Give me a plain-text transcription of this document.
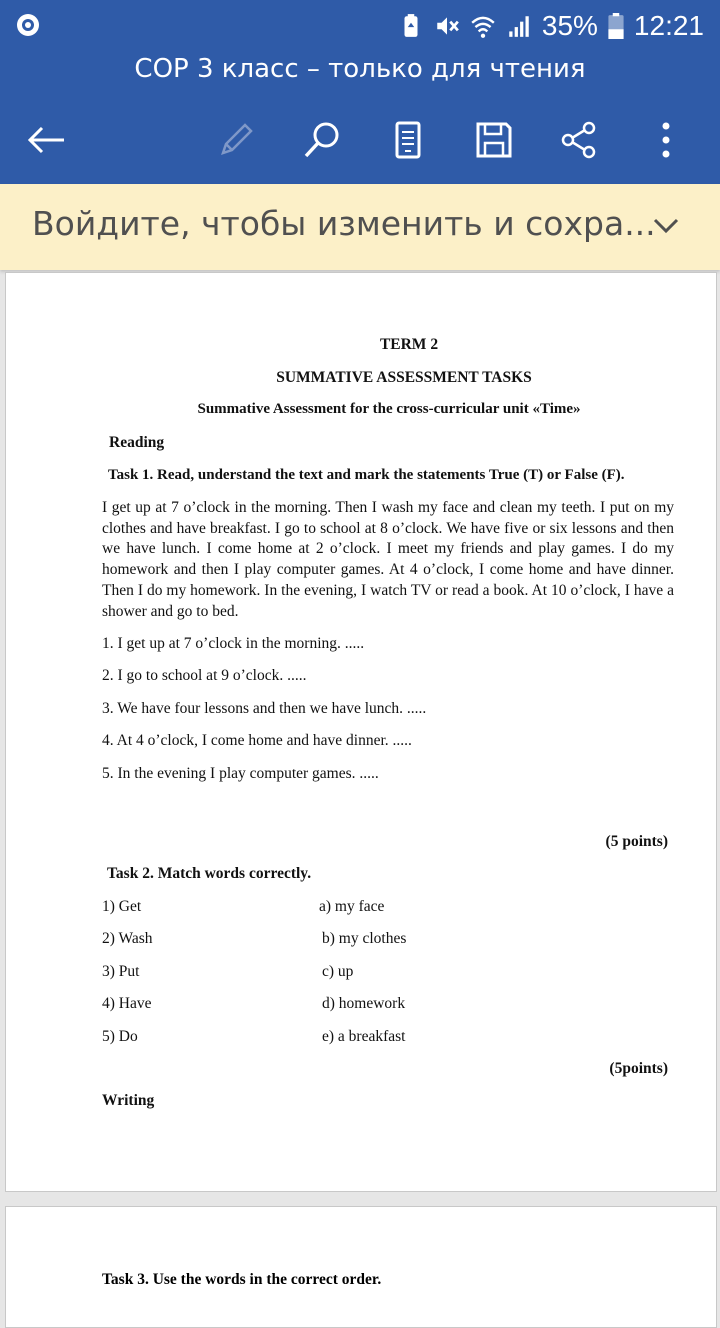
35% 12:21
СОР 3 класс – только для чтения
Войдите, чтобы изменить и сохра...
TERM 2
SUMMATIVE ASSESSMENT TASKS
Summative Assessment for the cross-curricular unit «Time»
Reading
Task 1. Read, understand the text and mark the statements True (T) or False (F).
I get up at 7 o’clock in the morning. Then I wash my face and clean my teeth. I put on my clothes and have breakfast. I go to school at 8 o’clock. We have five or six lessons and then we have lunch. I come home at 2 o’clock. I meet my friends and play games. I do my homework and then I play computer games. At 4 o’clock, I come home and have dinner. Then I do my homework. In the evening, I watch TV or read a book. At 10 o’clock, I have a shower and go to bed.
1. I get up at 7 o’clock in the morning. .....
2. I go to school at 9 o’clock. .....
3. We have four lessons and then we have lunch. .....
4. At 4 o’clock, I come home and have dinner. .....
5. In the evening I play computer games. .....
(5 points)
Task 2. Match words correctly.
1) Get
2) Wash
3) Put
4) Have
5) Do
a) my face
b) my clothes
c) up
d) homework
e) a breakfast
(5points)
Writing
Task 3. Use the words in the correct order.
